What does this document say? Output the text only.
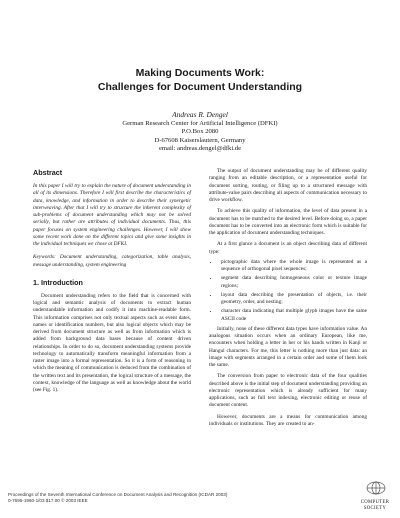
Making Documents Work:
Challenges for Document Understanding
Andreas R. Dengel
German Research Center for Artificial Intelligence (DFKI)
P.O.Box 2080
D-67608 Kaiserslautern, Germany
email: andreas.dengel@dfki.de
Abstract

In this paper I will try to explain the nature of document understanding in all of its dimensions. Therefore I will first describe the characteristics of data, knowledge, and information in order to describe their synergetic interweaving. After that I will try to structure the inherent complexity of sub-problems of document understanding which may not be solved serially, but rather are attributes of individual documents. Thus, this paper focuses on system engineering challenges. However, I will show some recent work done on the different topics and give some insights in the individual techniques we chose at DFKI.

Keywords: Document understanding, categorization, table analysis, message understanding, system engineering

1. Introduction

Document understanding refers to the field that is concerned with logical and semantic analysis of documents to extract human understandable information and codify it into machine-readable form. This information comprises not only textual aspects such as event dates, names or identification numbers, but also logical objects which may be derived from document structure as well as from information which is added from background data bases because of content driven relationships. In order to do so, document understanding systems provide technology to automatically transform meaningful information from a raster image into a formal representation. So it is a form of reasoning in which the meaning of communication is deduced from the combination of the written text and its presentation, the logical structure of a message, the context, knowledge of the language as well as knowledge about the world (see Fig. 1).

The output of document understanding may be of different quality ranging from an editable description, or a representation useful for document sorting, routing, or filing up to a structured message with attribute-value pairs describing all aspects of communication necessary to drive workflow.

To achieve this quality of information, the level of data present in a document has to be matched to the desired level. Before doing so, a paper document has to be converted into an electronic form which is suitable for the application of document understanding techniques.

At a first glance a document is an object describing data of different type:

• pictographic data where the whole image is represented as a sequence of orthogonal pixel sequences;
• segment data describing homogeneous color or texture image regions;
• layout data describing the presentation of objects, i.e. their geometry, order, and nesting;
• character data indicating that multiple glyph images have the same ASCII code

Initially, none of these different data types have information value. An analogous situation occurs when an ordinary European, like me, encounters when holding a letter in her or his hands written in Kanji or Hangul characters. For me, this letter is nothing more than just data: an image with segments arranged in a certain order and some of them look the same.

The conversion from paper to electronic data of the four qualities described above is the initial step of document understanding providing an electronic representation which is already sufficient for many applications, such as full text indexing, electronic editing or reuse of document content.

However, documents are a means for communication among individuals or institutions. They are created to an-

Proceedings of the Seventh International Conference on Document Analysis and Recognition (ICDAR 2003)
0-7695-1960-1/03 $17.00 © 2003 IEEE	COMPUTER
SOCIETY
